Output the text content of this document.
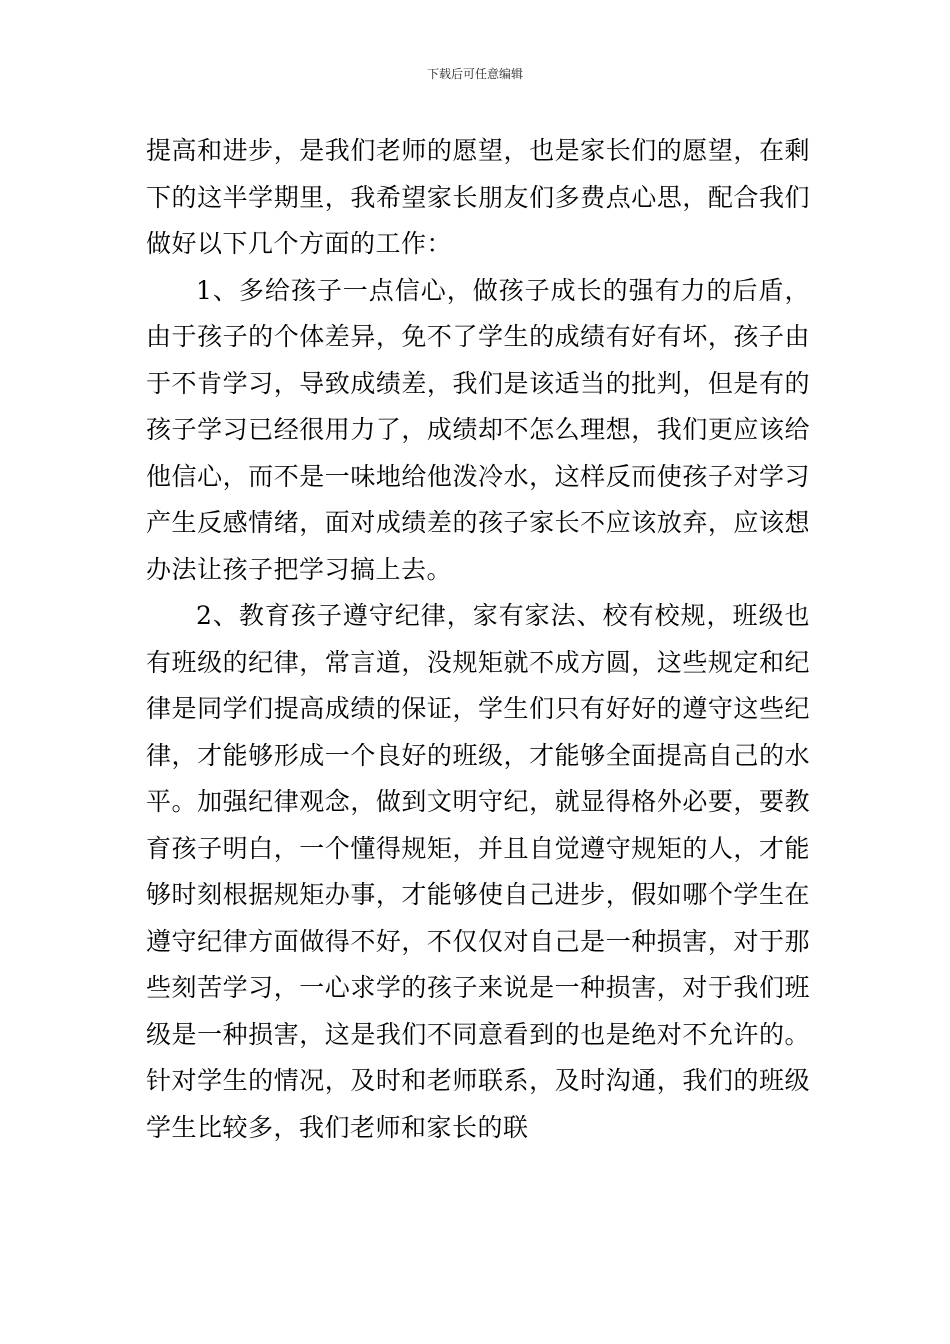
下载后可任意编辑

提高和进步，是我们老师的愿望，也是家长们的愿望，在剩下的这半学期里，我希望家长朋友们多费点心思，配合我们做好以下几个方面的工作：

1、多给孩子一点信心，做孩子成长的强有力的后盾，由于孩子的个体差异，免不了学生的成绩有好有坏，孩子由于不肯学习，导致成绩差，我们是该适当的批判，但是有的孩子学习已经很用力了，成绩却不怎么理想，我们更应该给他信心，而不是一味地给他泼冷水，这样反而使孩子对学习产生反感情绪，面对成绩差的孩子家长不应该放弃，应该想办法让孩子把学习搞上去。

2、教育孩子遵守纪律，家有家法、校有校规，班级也有班级的纪律，常言道，没规矩就不成方圆，这些规定和纪律是同学们提高成绩的保证，学生们只有好好的遵守这些纪律，才能够形成一个良好的班级，才能够全面提高自己的水平。加强纪律观念，做到文明守纪，就显得格外必要，要教育孩子明白，一个懂得规矩，并且自觉遵守规矩的人，才能够时刻根据规矩办事，才能够使自己进步，假如哪个学生在遵守纪律方面做得不好，不仅仅对自己是一种损害，对于那些刻苦学习，一心求学的孩子来说是一种损害，对于我们班级是一种损害，这是我们不同意看到的也是绝对不允许的。针对学生的情况，及时和老师联系，及时沟通，我们的班级学生比较多，我们老师和家长的联
